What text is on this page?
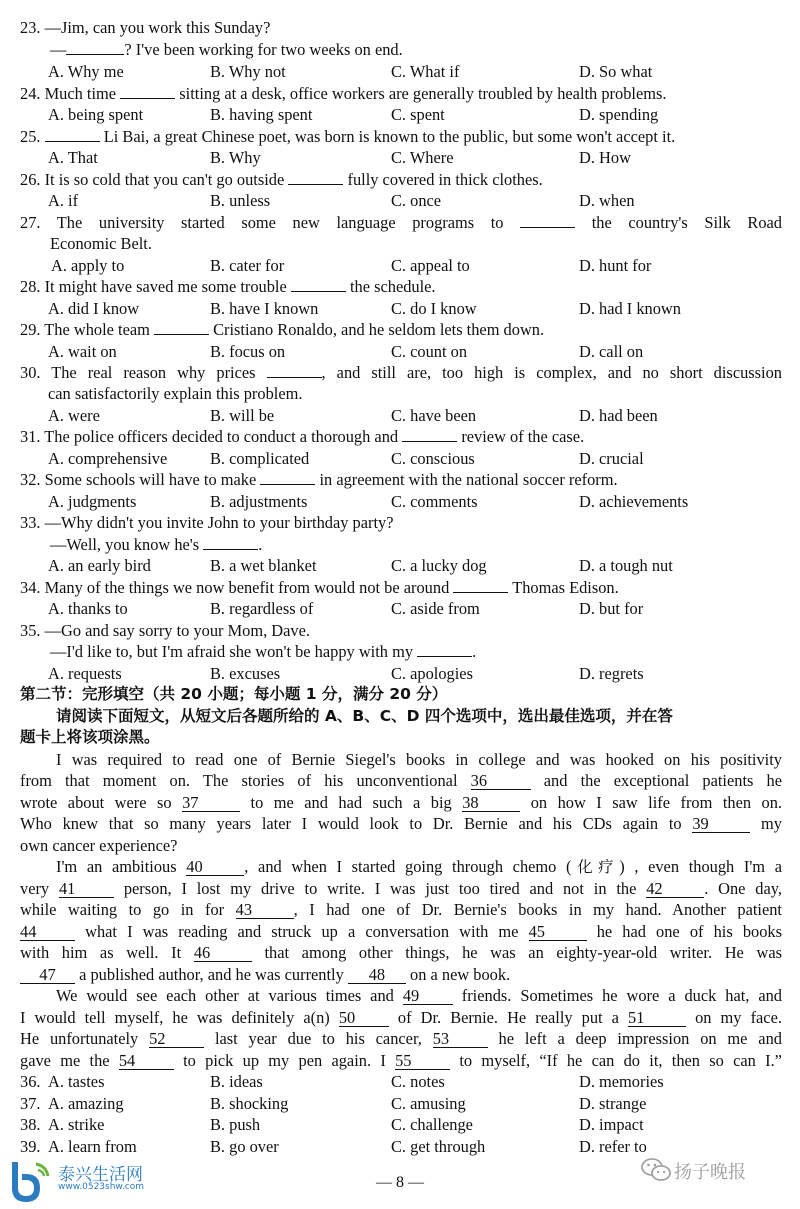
23. —Jim, can you work this Sunday?
—	? I've been working for two weeks on end.
A. Why me	B. Why not	C. What if	D. So what
24. Much time	sitting at a desk, office workers are generally troubled by health problems.
A. being spent	B. having spent	C. spent	D. spending
25.	Li Bai, a great Chinese poet, was born is known to the public, but some won't accept it.
A. That	B. Why	C. Where	D. How
26. It is so cold that you can't go outside	fully covered in thick clothes.
A. if	B. unless	C. once	D. when
27. The university started some new language programs to	the country's Silk Road
Economic Belt.
A. apply to	B. cater for	C. appeal to	D. hunt for
28. It might have saved me some trouble	the schedule.
A. did I know	B. have I known	C. do I know	D. had I known
29. The whole team	Cristiano Ronaldo, and he seldom lets them down.
A. wait on	B. focus on	C. count on	D. call on
30. The real reason why prices	, and still are, too high is complex, and no short discussion
can satisfactorily explain this problem.
A. were	B. will be	C. have been	D. had been
31. The police officers decided to conduct a thorough and	review of the case.
A. comprehensive	B. complicated	C. conscious	D. crucial
32. Some schools will have to make	in agreement with the national soccer reform.
A. judgments	B. adjustments	C. comments	D. achievements
33. —Why didn't you invite John to your birthday party?
—Well, you know he's	.
A. an early bird	B. a wet blanket	C. a lucky dog	D. a tough nut
34. Many of the things we now benefit from would not be around	Thomas Edison.
A. thanks to	B. regardless of	C. aside from	D. but for
35. —Go and say sorry to your Mom, Dave.
—I'd like to, but I'm afraid she won't be happy with my	.
A. requests	B. excuses	C. apologies	D. regrets
第二节：完形填空（共 20 小题；每小题 1 分，满分 20 分）
请阅读下面短文，从短文后各题所给的 A、B、C、D 四个选项中，选出最佳选项，并在答
题卡上将该项涂黑。
I was required to read one of Bernie Siegel's books in college and was hooked on his positivity
from that moment on. The stories of his unconventional 36	and the exceptional patients he
wrote about were so 37	to me and had such a big 38	on how I saw life from then on.
Who knew that so many years later I would look to Dr. Bernie and his CDs again to 39	my
own cancer experience?
I'm an ambitious 40	, and when I started going through chemo (化疗) , even though I'm a
very 41	person, I lost my drive to write. I was just too tired and not in the 42	. One day,
while waiting to go in for 43	, I had one of Dr. Bernie's books in my hand. Another patient
44	what I was reading and struck up a conversation with me 45	he had one of his books
with him as well. It 46	that among other things, he was an eighty-year-old writer. He was
47 a published author, and he was currently 48 on a new book.
We would see each other at various times and 49	friends. Sometimes he wore a duck hat, and
I would tell myself, he was definitely a(n) 50	of Dr. Bernie. He really put a 51	on my face.
He unfortunately 52	last year due to his cancer, 53	he left a deep impression on me and
gave me the 54	to pick up my pen again. I 55	to myself, “If he can do it, then so can I.”
36. A. tastes	B. ideas	C. notes	D. memories
37. A. amazing	B. shocking	C. amusing	D. strange
38. A. strike	B. push	C. challenge	D. impact
39. A. learn from	B. go over	C. get through	D. refer to
泰兴生活网
www.0523shw.com	— 8 —	扬子晚报
